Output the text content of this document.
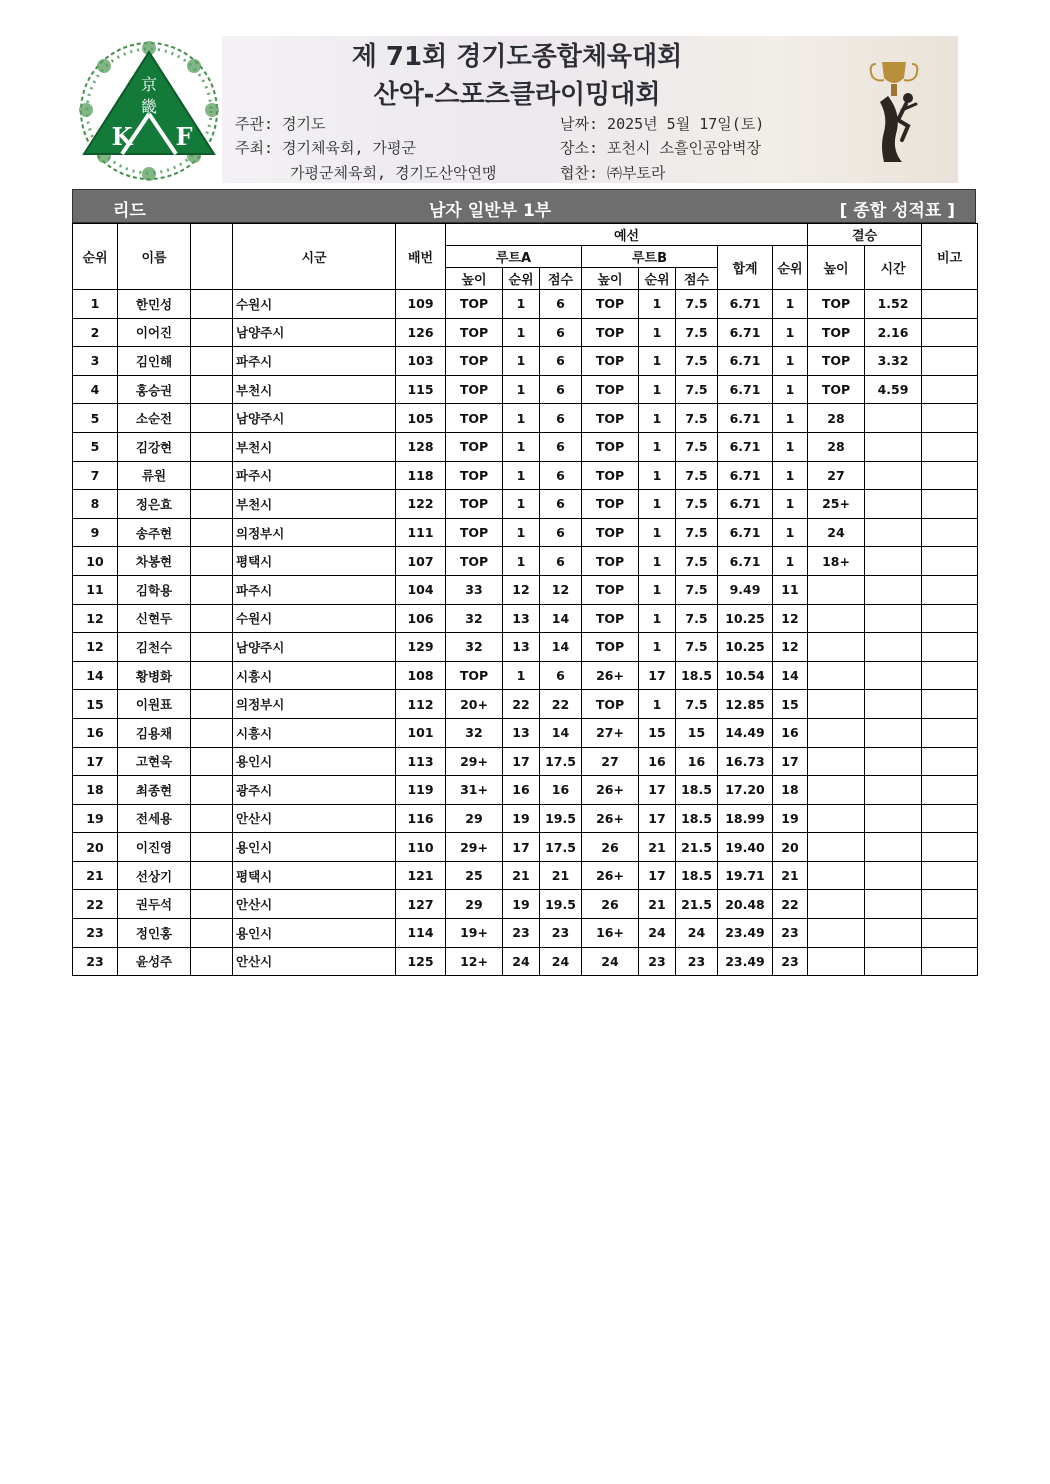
京
畿
K F
제 71회 경기도종합체육대회
산악-스포츠클라이밍대회
주관: 경기도
주최: 경기체육회, 가평군
가평군체육회, 경기도산악연맹
날짜: 2025년 5월 17일(토)
장소: 포천시 소흘인공암벽장
협찬: ㈜부토라
리드	남자 일반부 1부	[ 종합 성적표 ]
순위	이름		시군	배번	예선								결승		비고
					루트A			루트B			합계	순위	높이	시간	
					높이	순위	점수	높이	순위	점수					
1	한민성		수원시	109	TOP	1	6	TOP	1	7.5	6.71	1	TOP	1.52	
2	이어진		남양주시	126	TOP	1	6	TOP	1	7.5	6.71	1	TOP	2.16	
3	김인해		파주시	103	TOP	1	6	TOP	1	7.5	6.71	1	TOP	3.32	
4	홍승권		부천시	115	TOP	1	6	TOP	1	7.5	6.71	1	TOP	4.59	
5	소순전		남양주시	105	TOP	1	6	TOP	1	7.5	6.71	1	28		
5	김강현		부천시	128	TOP	1	6	TOP	1	7.5	6.71	1	28		
7	류원		파주시	118	TOP	1	6	TOP	1	7.5	6.71	1	27		
8	정은효		부천시	122	TOP	1	6	TOP	1	7.5	6.71	1	25+		
9	송주현		의정부시	111	TOP	1	6	TOP	1	7.5	6.71	1	24		
10	차봉현		평택시	107	TOP	1	6	TOP	1	7.5	6.71	1	18+		
11	김학용		파주시	104	33	12	12	TOP	1	7.5	9.49	11			
12	신현두		수원시	106	32	13	14	TOP	1	7.5	10.25	12			
12	김천수		남양주시	129	32	13	14	TOP	1	7.5	10.25	12			
14	황병화		시흥시	108	TOP	1	6	26+	17	18.5	10.54	14			
15	이원표		의정부시	112	20+	22	22	TOP	1	7.5	12.85	15			
16	김용채		시흥시	101	32	13	14	27+	15	15	14.49	16			
17	고현욱		용인시	113	29+	17	17.5	27	16	16	16.73	17			
18	최종현		광주시	119	31+	16	16	26+	17	18.5	17.20	18			
19	전세용		안산시	116	29	19	19.5	26+	17	18.5	18.99	19			
20	이진영		용인시	110	29+	17	17.5	26	21	21.5	19.40	20			
21	선상기		평택시	121	25	21	21	26+	17	18.5	19.71	21			
22	권두석		안산시	127	29	19	19.5	26	21	21.5	20.48	22			
23	정인홍		용인시	114	19+	23	23	16+	24	24	23.49	23			
23	윤성주		안산시	125	12+	24	24	24	23	23	23.49	23			
